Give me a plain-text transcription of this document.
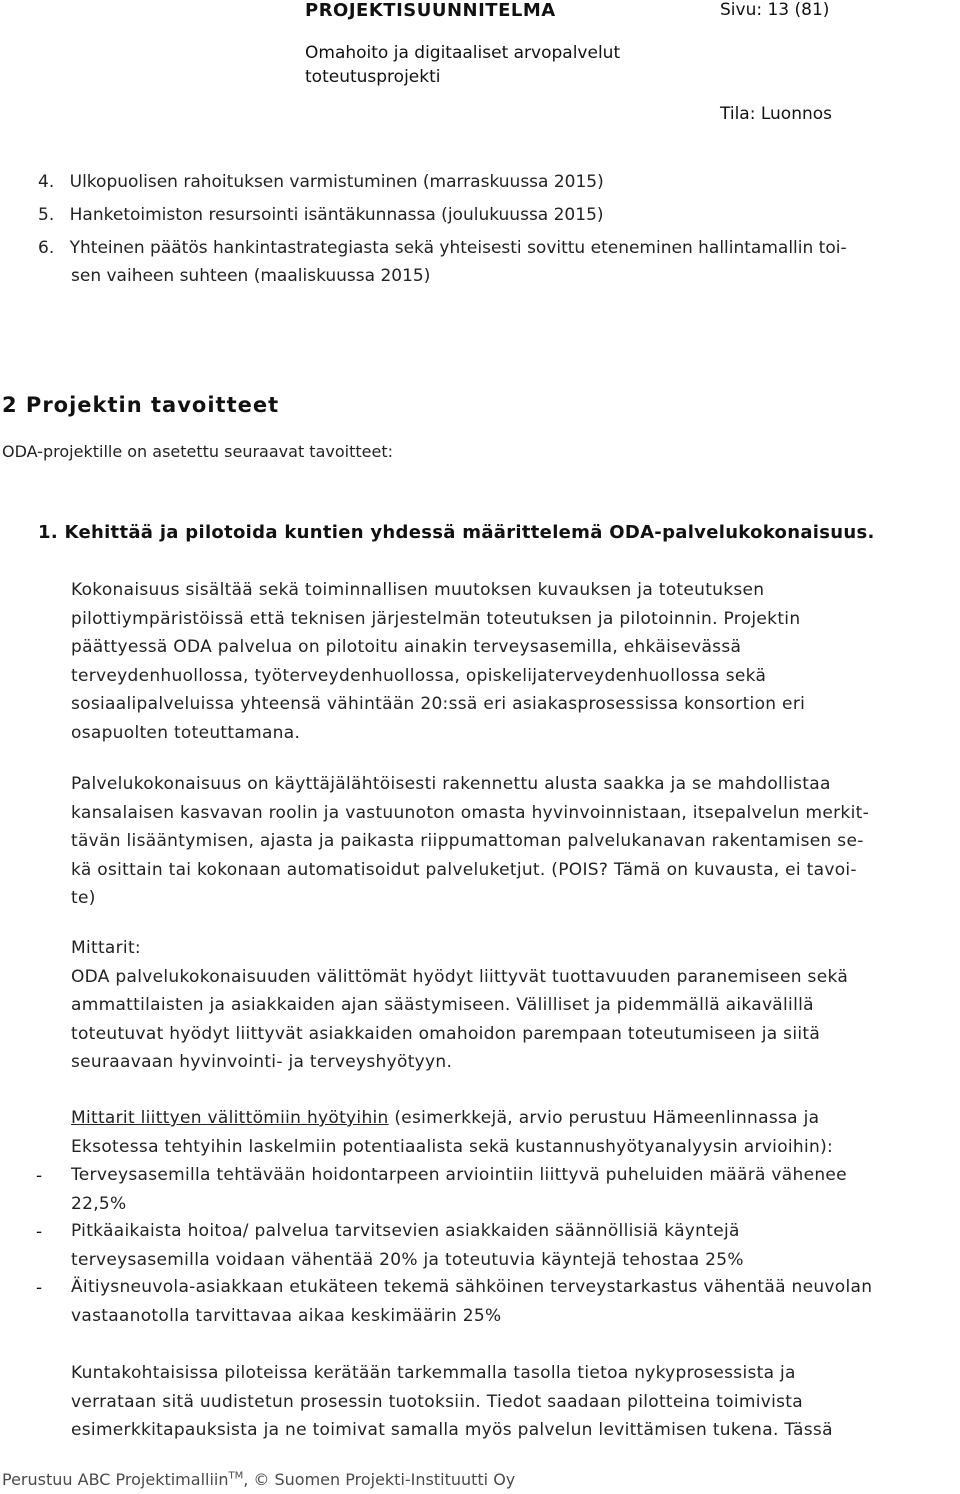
PROJEKTISUUNNITELMA	Sivu: 13 (81)
Omahoito ja digitaaliset arvopalvelut
toteutusprojekti
Tila: Luonnos
4. Ulkopuolisen rahoituksen varmistuminen (marraskuussa 2015)
5. Hanketoimiston resursointi isäntäkunnassa (joulukuussa 2015)
6. Yhteinen päätös hankintastrategiasta sekä yhteisesti sovittu eteneminen hallintamallin toi-
sen vaiheen suhteen (maaliskuussa 2015)
2 Projektin tavoitteet
ODA-projektille on asetettu seuraavat tavoitteet:
1. Kehittää ja pilotoida kuntien yhdessä määrittelemä ODA-palvelukokonaisuus.

Kokonaisuus sisältää sekä toiminnallisen muutoksen kuvauksen ja toteutuksen

pilottiympäristöissä että teknisen järjestelmän toteutuksen ja pilotoinnin. Projektin

päättyessä ODA palvelua on pilotoitu ainakin terveysasemilla, ehkäisevässä

terveydenhuollossa, työterveydenhuollossa, opiskelijaterveydenhuollossa sekä

sosiaalipalveluissa yhteensä vähintään 20:ssä eri asiakasprosessissa konsortion eri

osapuolten toteuttamana.

Palvelukokonaisuus on käyttäjälähtöisesti rakennettu alusta saakka ja se mahdollistaa

kansalaisen kasvavan roolin ja vastuunoton omasta hyvinvoinnistaan, itsepalvelun merkit-

tävän lisääntymisen, ajasta ja paikasta riippumattoman palvelukanavan rakentamisen se-

kä osittain tai kokonaan automatisoidut palveluketjut. (POIS? Tämä on kuvausta, ei tavoi-

te)

Mittarit:

ODA palvelukokonaisuuden välittömät hyödyt liittyvät tuottavuuden paranemiseen sekä

ammattilaisten ja asiakkaiden ajan säästymiseen. Välilliset ja pidemmällä aikavälillä

toteutuvat hyödyt liittyvät asiakkaiden omahoidon parempaan toteutumiseen ja siitä

seuraavaan hyvinvointi- ja terveyshyötyyn.

Mittarit liittyen välittömiin hyötyihin (esimerkkejä, arvio perustuu Hämeenlinnassa ja

Eksotessa tehtyihin laskelmiin potentiaalista sekä kustannushyötyanalyysin arvioihin):

- Terveysasemilla tehtävään hoidontarpeen arviointiin liittyvä puheluiden määrä vähenee

22,5%

- Pitkäaikaista hoitoa/ palvelua tarvitsevien asiakkaiden säännöllisiä käyntejä

terveysasemilla voidaan vähentää 20% ja toteutuvia käyntejä tehostaa 25%

- Äitiysneuvola-asiakkaan etukäteen tekemä sähköinen terveystarkastus vähentää neuvolan

vastaanotolla tarvittavaa aikaa keskimäärin 25%

Kuntakohtaisissa piloteissa kerätään tarkemmalla tasolla tietoa nykyprosessista ja

verrataan sitä uudistetun prosessin tuotoksiin. Tiedot saadaan pilotteina toimivista

esimerkkitapauksista ja ne toimivat samalla myös palvelun levittämisen tukena. Tässä

Perustuu ABC Projektimalliin™, © Suomen Projekti-Instituutti Oy
